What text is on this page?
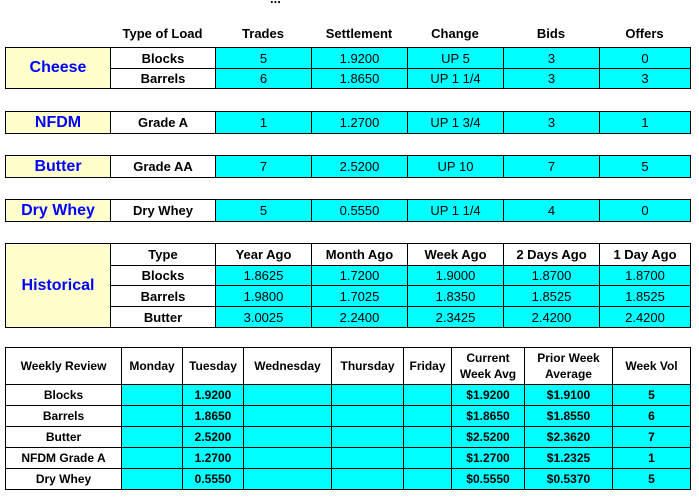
	Type of Load	Trades	Settlement	Change	Bids	Offers
Cheese	Blocks	5	1.9200	UP 5	3	0
	Barrels	6	1.8650	UP 1 1/4	3	3
NFDM	Grade A	1	1.2700	UP 1 3/4	3	1
Butter	Grade AA	7	2.5200	UP 10	7	5
Dry Whey	Dry Whey	5	0.5550	UP 1 1/4	4	0
Historical	Type	Year Ago	Month Ago	Week Ago	2 Days Ago	1 Day Ago
	Blocks	1.8625	1.7200	1.9000	1.8700	1.8700
	Barrels	1.9800	1.7025	1.8350	1.8525	1.8525
	Butter	3.0025	2.2400	2.3425	2.4200	2.4200
Weekly Review	Monday	Tuesday	Wednesday	Thursday	Friday	Current Week Avg	Prior Week Average	Week Vol
Blocks		1.9200				$1.9200	$1.9100	5
Barrels		1.8650				$1.8650	$1.8550	6
Butter		2.5200				$2.5200	$2.3620	7
NFDM Grade A		1.2700				$1.2700	$1.2325	1
Dry Whey		0.5550				$0.5550	$0.5370	5
